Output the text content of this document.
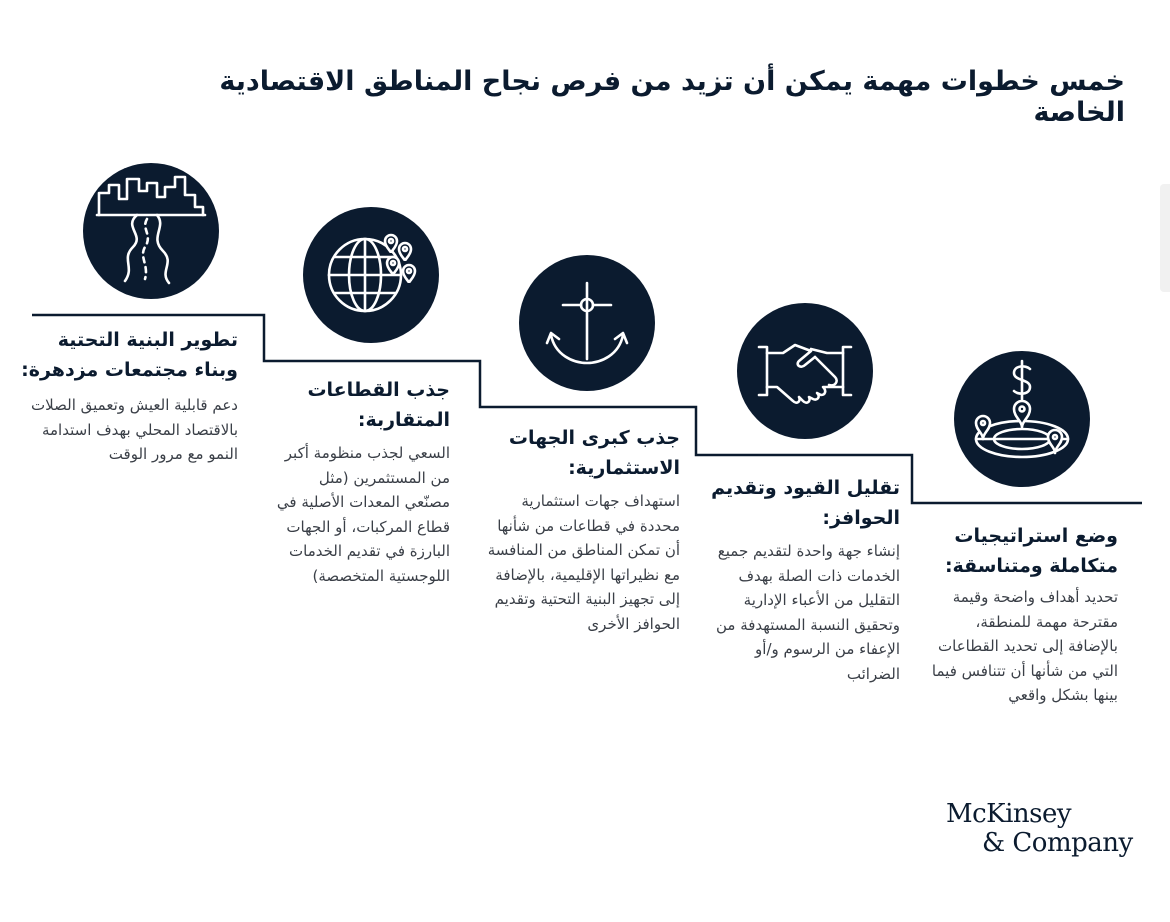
خمس خطوات مهمة يمكن أن تزيد من فرص نجاح المناطق الاقتصادية الخاصة
تطوير البنية التحتية وبناء مجتمعات مزدهرة:

دعم قابلية العيش وتعميق الصلات بالاقتصاد المحلي بهدف استدامة النمو مع مرور الوقت

جذب القطاعات المتقاربة:

السعي لجذب منظومة أكبر من المستثمرين (مثل مصنّعي المعدات الأصلية في قطاع المركبات، أو الجهات البارزة في تقديم الخدمات اللوجستية المتخصصة)

جذب كبرى الجهات الاستثمارية:

استهداف جهات استثمارية محددة في قطاعات من شأنها أن تمكن المناطق من المنافسة مع نظيراتها الإقليمية، بالإضافة إلى تجهيز البنية التحتية وتقديم الحوافز الأخرى

تقليل القيود وتقديم الحوافز:

إنشاء جهة واحدة لتقديم جميع الخدمات ذات الصلة بهدف التقليل من الأعباء الإدارية وتحقيق النسبة المستهدفة من الإعفاء من الرسوم و/أو الضرائب

وضع استراتيجيات متكاملة ومتناسقة:

تحديد أهداف واضحة وقيمة مقترحة مهمة للمنطقة، بالإضافة إلى تحديد القطاعات التي من شأنها أن تتنافس فيما بينها بشكل واقعي

McKinsey
& Company
